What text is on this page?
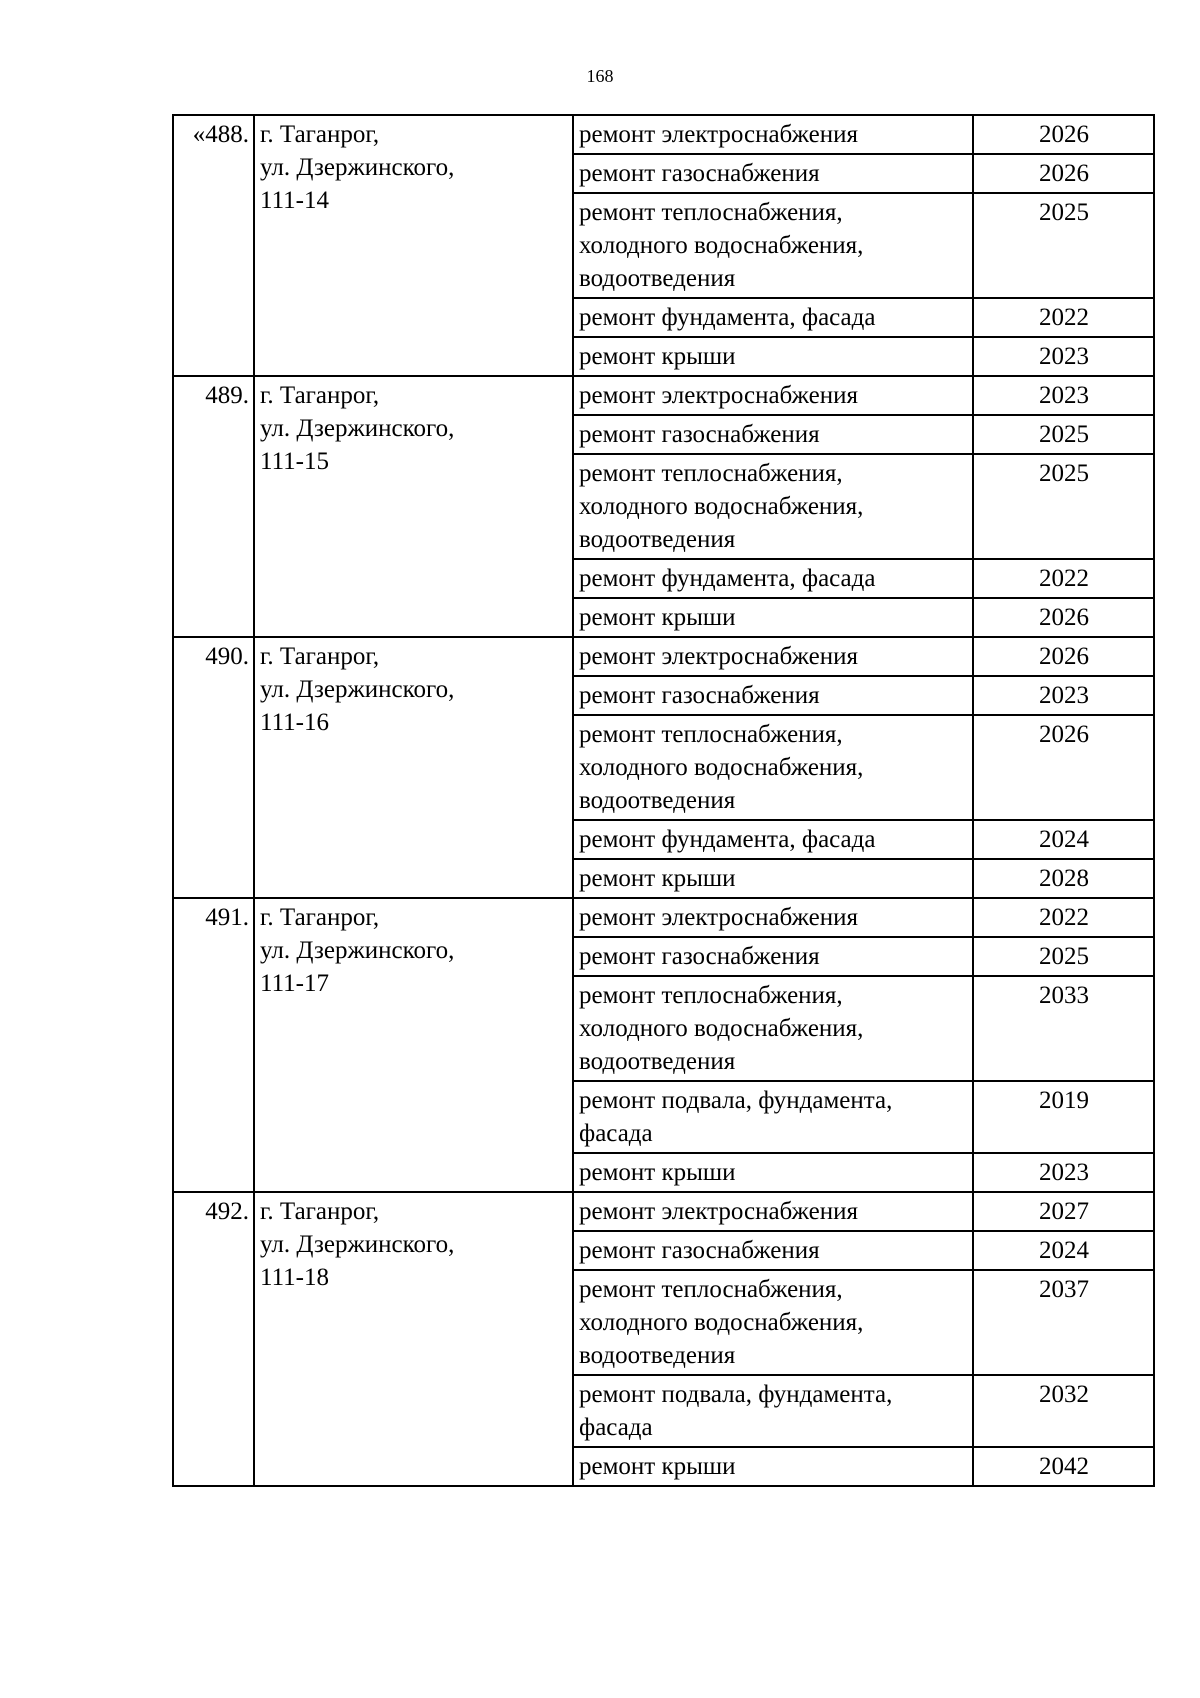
168
«488.	г. Таганрог,
ул. Дзержинского,
111-14	ремонт электроснабжения	2026
		ремонт газоснабжения	2026
		ремонт теплоснабжения,
холодного водоснабжения,
водоотведения	2025
		ремонт фундамента, фасада	2022
		ремонт крыши	2023
489.	г. Таганрог,
ул. Дзержинского,
111-15	ремонт электроснабжения	2023
		ремонт газоснабжения	2025
		ремонт теплоснабжения,
холодного водоснабжения,
водоотведения	2025
		ремонт фундамента, фасада	2022
		ремонт крыши	2026
490.	г. Таганрог,
ул. Дзержинского,
111-16	ремонт электроснабжения	2026
		ремонт газоснабжения	2023
		ремонт теплоснабжения,
холодного водоснабжения,
водоотведения	2026
		ремонт фундамента, фасада	2024
		ремонт крыши	2028
491.	г. Таганрог,
ул. Дзержинского,
111-17	ремонт электроснабжения	2022
		ремонт газоснабжения	2025
		ремонт теплоснабжения,
холодного водоснабжения,
водоотведения	2033
		ремонт подвала, фундамента,
фасада	2019
		ремонт крыши	2023
492.	г. Таганрог,
ул. Дзержинского,
111-18	ремонт электроснабжения	2027
		ремонт газоснабжения	2024
		ремонт теплоснабжения,
холодного водоснабжения,
водоотведения	2037
		ремонт подвала, фундамента,
фасада	2032
		ремонт крыши	2042
